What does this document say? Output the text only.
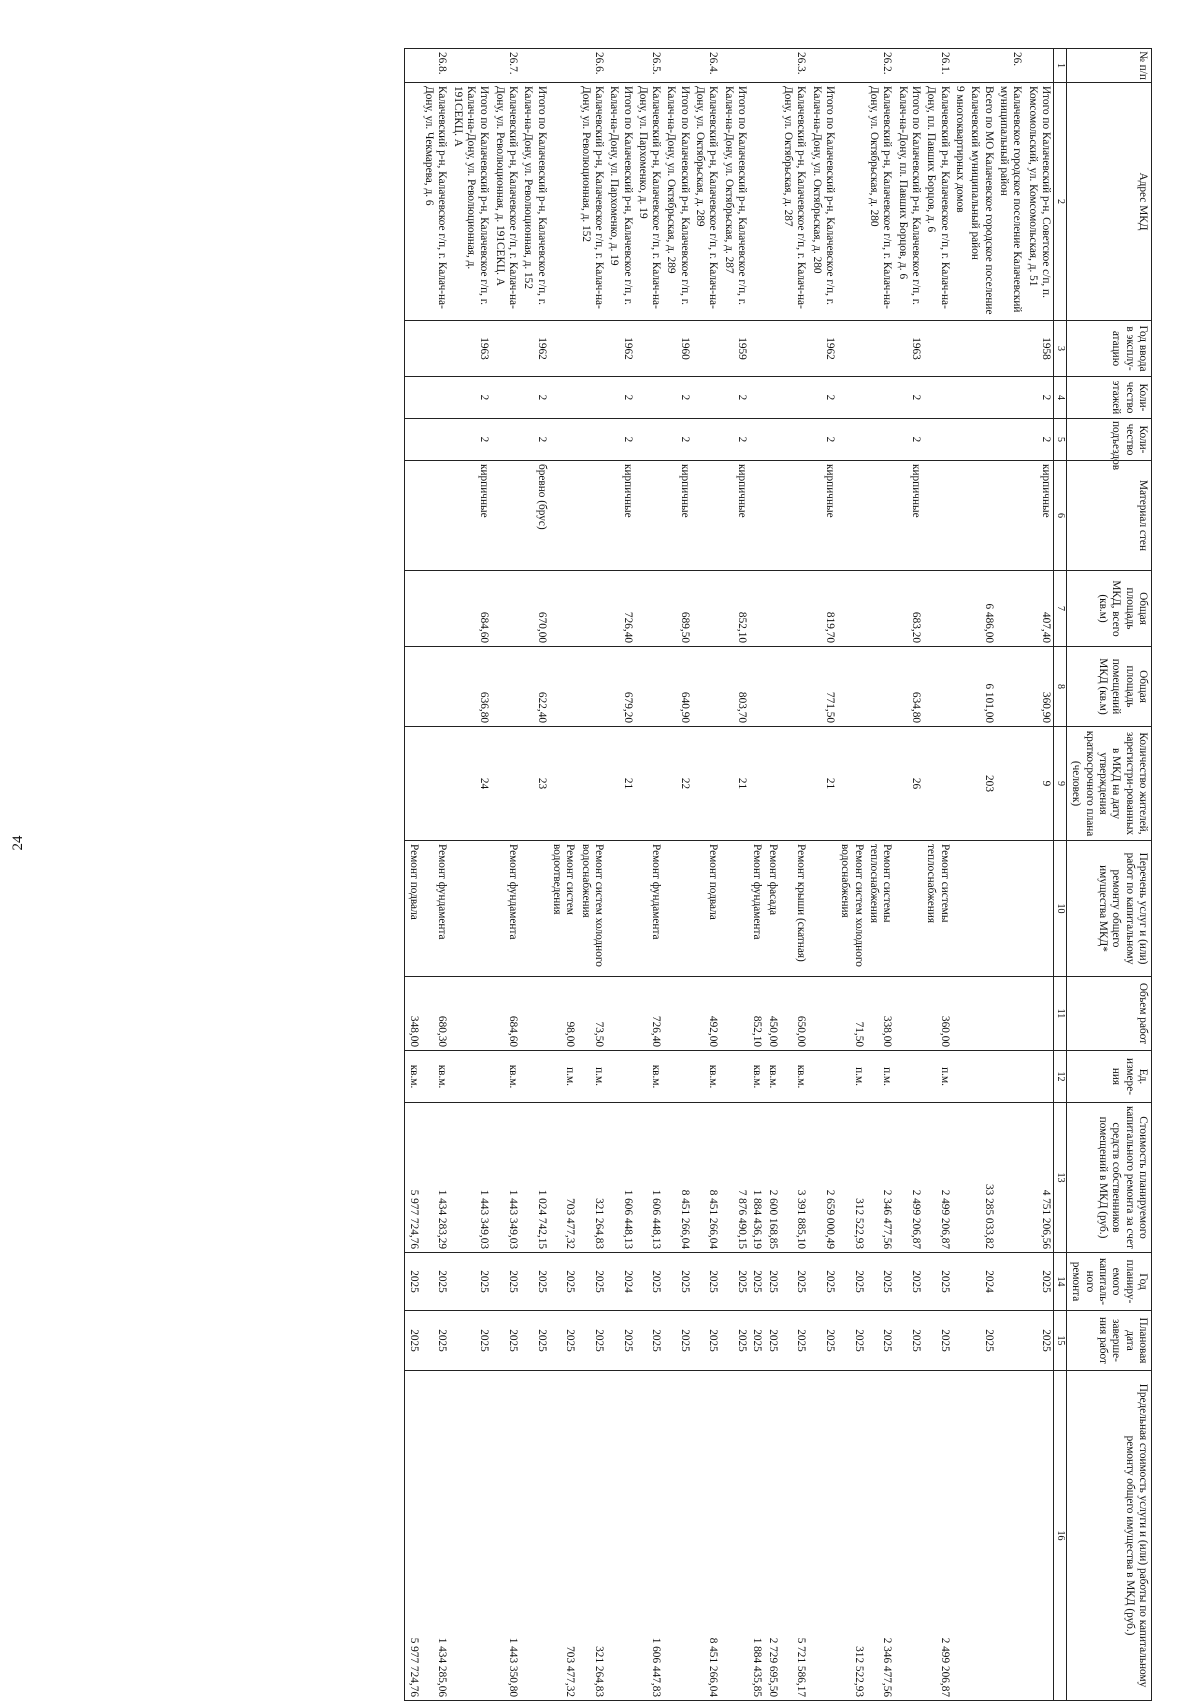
24
№ п/п	Адрес МКД	Год ввода в эксплу-атацию	Коли-чество этажей	Коли-чество подъездов	Материал стен	Общая площадь МКД, всего (кв.м)	Общая площадь помещений МКД (кв.м)	Количество жителей, зарегистри-рованных в МКД на дату утверждения краткосрочного плана (человек)	Перечень услуг и (или) работ по капитальному ремонту общего имущества МКД*	Объем работ	Ед. измере-ния	Стоимость планируемого капитального ремонта за счет средств собственников помещений в МКД (руб.)	Год планиру-емого капиталь-ного ремонта	Плановая дата заверше-ния работ	Предельная стоимость услуги и (или) работы по капитальному ремонту общего имущества в МКД (руб.)
1	2	3	4	5	6	7	8	9	10	11	12	13	14	15	16
	Итого по Калачевский р-н, Советское с/п, п. Комсомольский, ул. Комсомольская, д. 51	1958	2	2	кирпичные	407,40	360,90	9				4 751 206,56	2025	2025	
26.	Калачевское городское поселение Калачевский муниципальный район														
	Всего по МО Калачевское городское поселение Калачевский муниципальный район					6 486,00	6 101,00	203				33 285 033,82	2024	2025	
	9 многоквартирных домов														
26.1.	Калачевский р-н, Калачевское г/п, г. Калач-на-Дону, пл. Павших Борцов, д. 6								Ремонт системы теплоснабжения	360,00	п.м.	2 499 206,87	2025	2025	2 499 206,87
	Итого по Калачевский р-н, Калачевское г/п, г. Калач-на-Дону, пл. Павших Борцов, д. 6	1963	2	2	кирпичные	683,20	634,80	26				2 499 206,87	2025	2025	
26.2.	Калачевский р-н, Калачевское г/п, г. Калач-на-Дону, ул. Октябрьская, д. 280								Ремонт системы теплоснабжения	338,00	п.м.	2 346 477,56	2025	2025	2 346 477,56
									Ремонт систем холодного водоснабжения	71,50	п.м.	312 522,93	2025	2025	312 522,93
	Итого по Калачевский р-н, Калачевское г/п, г. Калач-на-Дону, ул. Октябрьская, д. 280	1962	2	2	кирпичные	819,70	771,50	21				2 659 000,49	2025	2025	
26.3.	Калачевский р-н, Калачевское г/п, г. Калач-на-Дону, ул. Октябрьская, д. 287								Ремонт крыши (скатная)	650,00	кв.м.	3 391 885,10	2025	2025	5 721 586,17
									Ремонт фасада	450,00	кв.м.	2 600 168,85	2025	2025	2 729 695,50
									Ремонт фундамента	852,10	кв.м.	1 884 436,19	2025	2025	1 884 435,85
	Итого по Калачевский р-н, Калачевское г/п, г. Калач-на-Дону, ул. Октябрьская, д. 287	1959	2	2	кирпичные	852,10	803,70	21				7 876 490,15	2025	2025	
26.4.	Калачевский р-н, Калачевское г/п, г. Калач-на-Дону, ул. Октябрьская, д. 289								Ремонт подвала	492,00	кв.м.	8 451 266,04	2025	2025	8 451 266,04
	Итого по Калачевский р-н, Калачевское г/п, г. Калач-на-Дону, ул. Октябрьская, д. 289	1960	2	2	кирпичные	689,50	640,90	22				8 451 266,04	2025	2025	
26.5.	Калачевский р-н, Калачевское г/п, г. Калач-на-Дону, ул. Пархоменко, д. 19								Ремонт фундамента	726,40	кв.м.	1 606 448,13	2025	2025	1 606 447,83
	Итого по Калачевский р-н, Калачевское г/п, г. Калач-на-Дону, ул. Пархоменко, д. 19	1962	2	2	кирпичные	726,40	679,20	21				1 606 448,13	2024	2025	
26.6.	Калачевский р-н, Калачевское г/п, г. Калач-на-Дону, ул. Революционная, д. 152								Ремонт систем холодного водоснабжения	73,50	п.м.	321 264,83	2025	2025	321 264,83
									Ремонт систем водоотведения	98,00	п.м.	703 477,32	2025	2025	703 477,32
	Итого по Калачевский р-н, Калачевское г/п, г. Калач-на-Дону, ул. Революционная, д. 152	1962	2	2	бревно (брус)	670,00	622,40	23				1 024 742,15	2025	2025	
26.7.	Калачевский р-н, Калачевское г/п, г. Калач-на-Дону, ул. Революционная, д. 191СЕКЦ. А								Ремонт фундамента	684,60	кв.м.	1 443 349,03	2025	2025	1 443 350,80
	Итого по Калачевский р-н, Калачевское г/п, г. Калач-на-Дону, ул. Революционная, д. 191СЕКЦ. А	1963	2	2	кирпичные	684,60	636,80	24				1 443 349,03	2025	2025	
26.8.	Калачевский р-н, Калачевское г/п, г. Калач-на-Дону, ул. Чекмарева, д. 6								Ремонт фундамента	680,30	кв.м.	1 434 283,29	2025	2025	1 434 285,06
									Ремонт подвала	348,00	кв.м.	5 977 724,76	2025	2025	5 977 724,76
